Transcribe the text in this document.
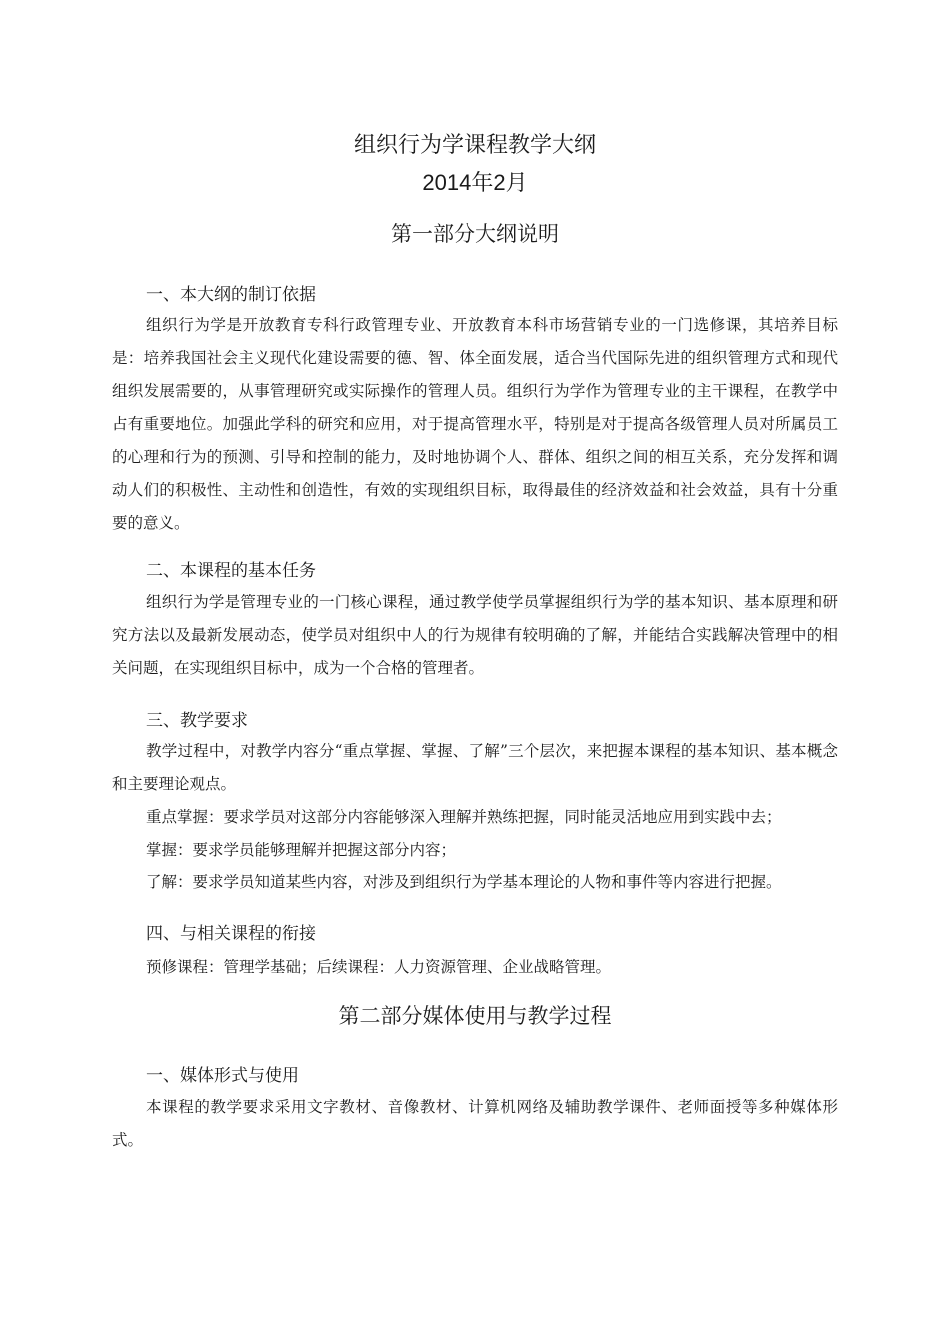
组织行为学课程教学大纲
2014年2月
第一部分大纲说明
一、本大纲的制订依据

组织行为学是开放教育专科行政管理专业、开放教育本科市场营销专业的一门选修课，其培养目标是：培养我国社会主义现代化建设需要的德、智、体全面发展，适合当代国际先进的组织管理方式和现代组织发展需要的，从事管理研究或实际操作的管理人员。组织行为学作为管理专业的主干课程，在教学中占有重要地位。加强此学科的研究和应用，对于提高管理水平，特别是对于提高各级管理人员对所属员工的心理和行为的预测、引导和控制的能力，及时地协调个人、群体、组织之间的相互关系，充分发挥和调动人们的积极性、主动性和创造性，有效的实现组织目标，取得最佳的经济效益和社会效益，具有十分重要的意义。

二、本课程的基本任务

组织行为学是管理专业的一门核心课程，通过教学使学员掌握组织行为学的基本知识、基本原理和研究方法以及最新发展动态，使学员对组织中人的行为规律有较明确的了解，并能结合实践解决管理中的相关问题，在实现组织目标中，成为一个合格的管理者。

三、教学要求

教学过程中，对教学内容分“重点掌握、掌握、了解”三个层次，来把握本课程的基本知识、基本概念和主要理论观点。

重点掌握：要求学员对这部分内容能够深入理解并熟练把握，同时能灵活地应用到实践中去；
掌握：要求学员能够理解并把握这部分内容；
了解：要求学员知道某些内容，对涉及到组织行为学基本理论的人物和事件等内容进行把握。
四、与相关课程的衔接
预修课程：管理学基础；后续课程：人力资源管理、企业战略管理。
第二部分媒体使用与教学过程
一、媒体形式与使用

本课程的教学要求采用文字教材、音像教材、计算机网络及辅助教学课件、老师面授等多种媒体形式。
